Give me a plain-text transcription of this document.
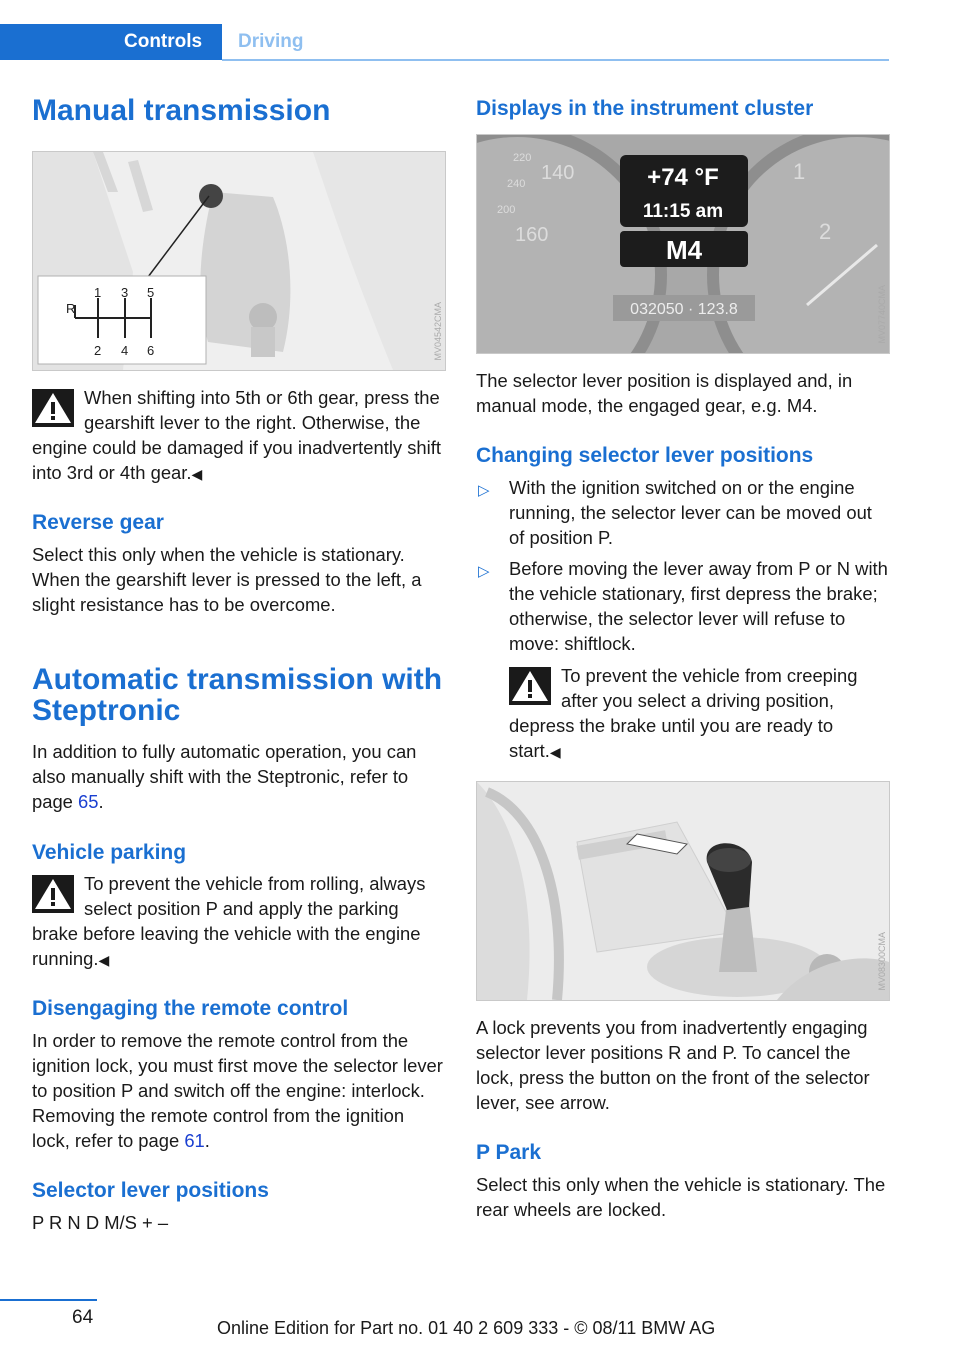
Controls Driving
Manual transmission
R
1 3 5
2 4 6	MV04542CMA

When shifting into 5th or 6th gear, press the gearshift lever to the right. Otherwise, the engine could be damaged if you inadvertently shift into 3rd or 4th gear.◀

Reverse gear

Select this only when the vehicle is stationary. When the gearshift lever is pressed to the left, a slight resistance has to be overcome.

Automatic transmission with Steptronic

In addition to fully automatic operation, you can also manually shift with the Steptronic, refer to page 65.

Vehicle parking

To prevent the vehicle from rolling, always select position P and apply the parking brake before leaving the vehicle with the engine running.◀

Disengaging the remote control

In order to remove the remote control from the ignition lock, you must first move the selector lever to position P and switch off the engine: interlock. Removing the remote control from the ignition lock, refer to page 61.

Selector lever positions

P R N D M/S + –

Displays in the instrument cluster
220
240 140
200
160
1
2
+74 °F
11:15 am
M4
032050 · 123.8	MV07740CMA

The selector lever position is displayed and, in manual mode, the engaged gear, e.g. M4.

Changing selector lever positions
▷ With the ignition switched on or the engine running, the selector lever can be moved out of position P.
▷ Before moving the lever away from P or N with the vehicle stationary, first depress the brake; otherwise, the selector lever will refuse to move: shiftlock.

To prevent the vehicle from creeping after you select a driving position, depress the brake until you are ready to start.◀

MV08300CMA

A lock prevents you from inadvertently engaging selector lever positions R and P. To cancel the lock, press the button on the front of the selector lever, see arrow.

P Park

Select this only when the vehicle is stationary. The rear wheels are locked.

64	Online Edition for Part no. 01 40 2 609 333 - © 08/11 BMW AG
